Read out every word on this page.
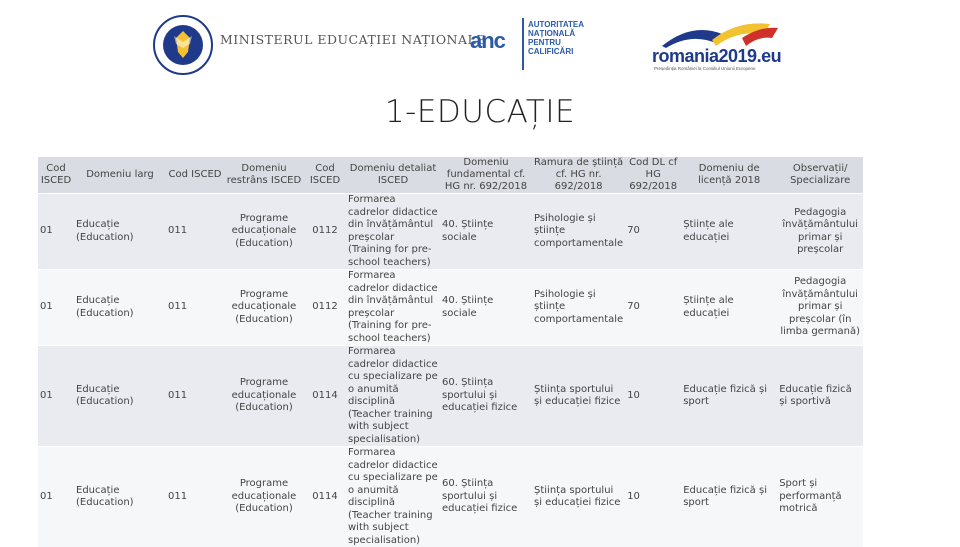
MINISTERUL EDUCAȚIEI NAȚIONALE
anc
AUTORITATEA NAȚIONALĂ PENTRU CALIFICĂRI	romania2019.eu
Președinția României la Consiliul Uniunii Europene
1-EDUCAȚIE
Cod ISCED	Domeniu larg	Cod ISCED	Domeniu restrâns ISCED	Cod ISCED	Domeniu detaliat ISCED	Domeniu fundamental cf. HG nr. 692/2018	Ramura de știință cf. HG nr. 692/2018	Cod DL cf HG 692/2018	Domeniu de licență 2018	Observații/ Specializare
01	Educație (Education)	011	Programe educaționale (Education)	0112	Formarea cadrelor didactice din învățământul preșcolar (Training for pre-school teachers)	40. Științe sociale	Psihologie și științe comportamentale	70	Științe ale educației	Pedagogia învățământului primar și preșcolar
01	Educație (Education)	011	Programe educaționale (Education)	0112	Formarea cadrelor didactice din învățământul preșcolar (Training for pre-school teachers)	40. Științe sociale	Psihologie și științe comportamentale	70	Științe ale educației	Pedagogia învățământului primar și preșcolar (în limba germană)
01	Educație (Education)	011	Programe educaționale (Education)	0114	Formarea cadrelor didactice cu specializare pe o anumită disciplină (Teacher training with subject specialisation)	60. Știința sportului și educației fizice	Știința sportului și educației fizice	10	Educație fizică și sport	Educație fizică și sportivă
01	Educație (Education)	011	Programe educaționale (Education)	0114	Formarea cadrelor didactice cu specializare pe o anumită disciplină (Teacher training with subject specialisation)	60. Știința sportului și educației fizice	Știința sportului și educației fizice	10	Educație fizică și sport	Sport și performanță motrică
